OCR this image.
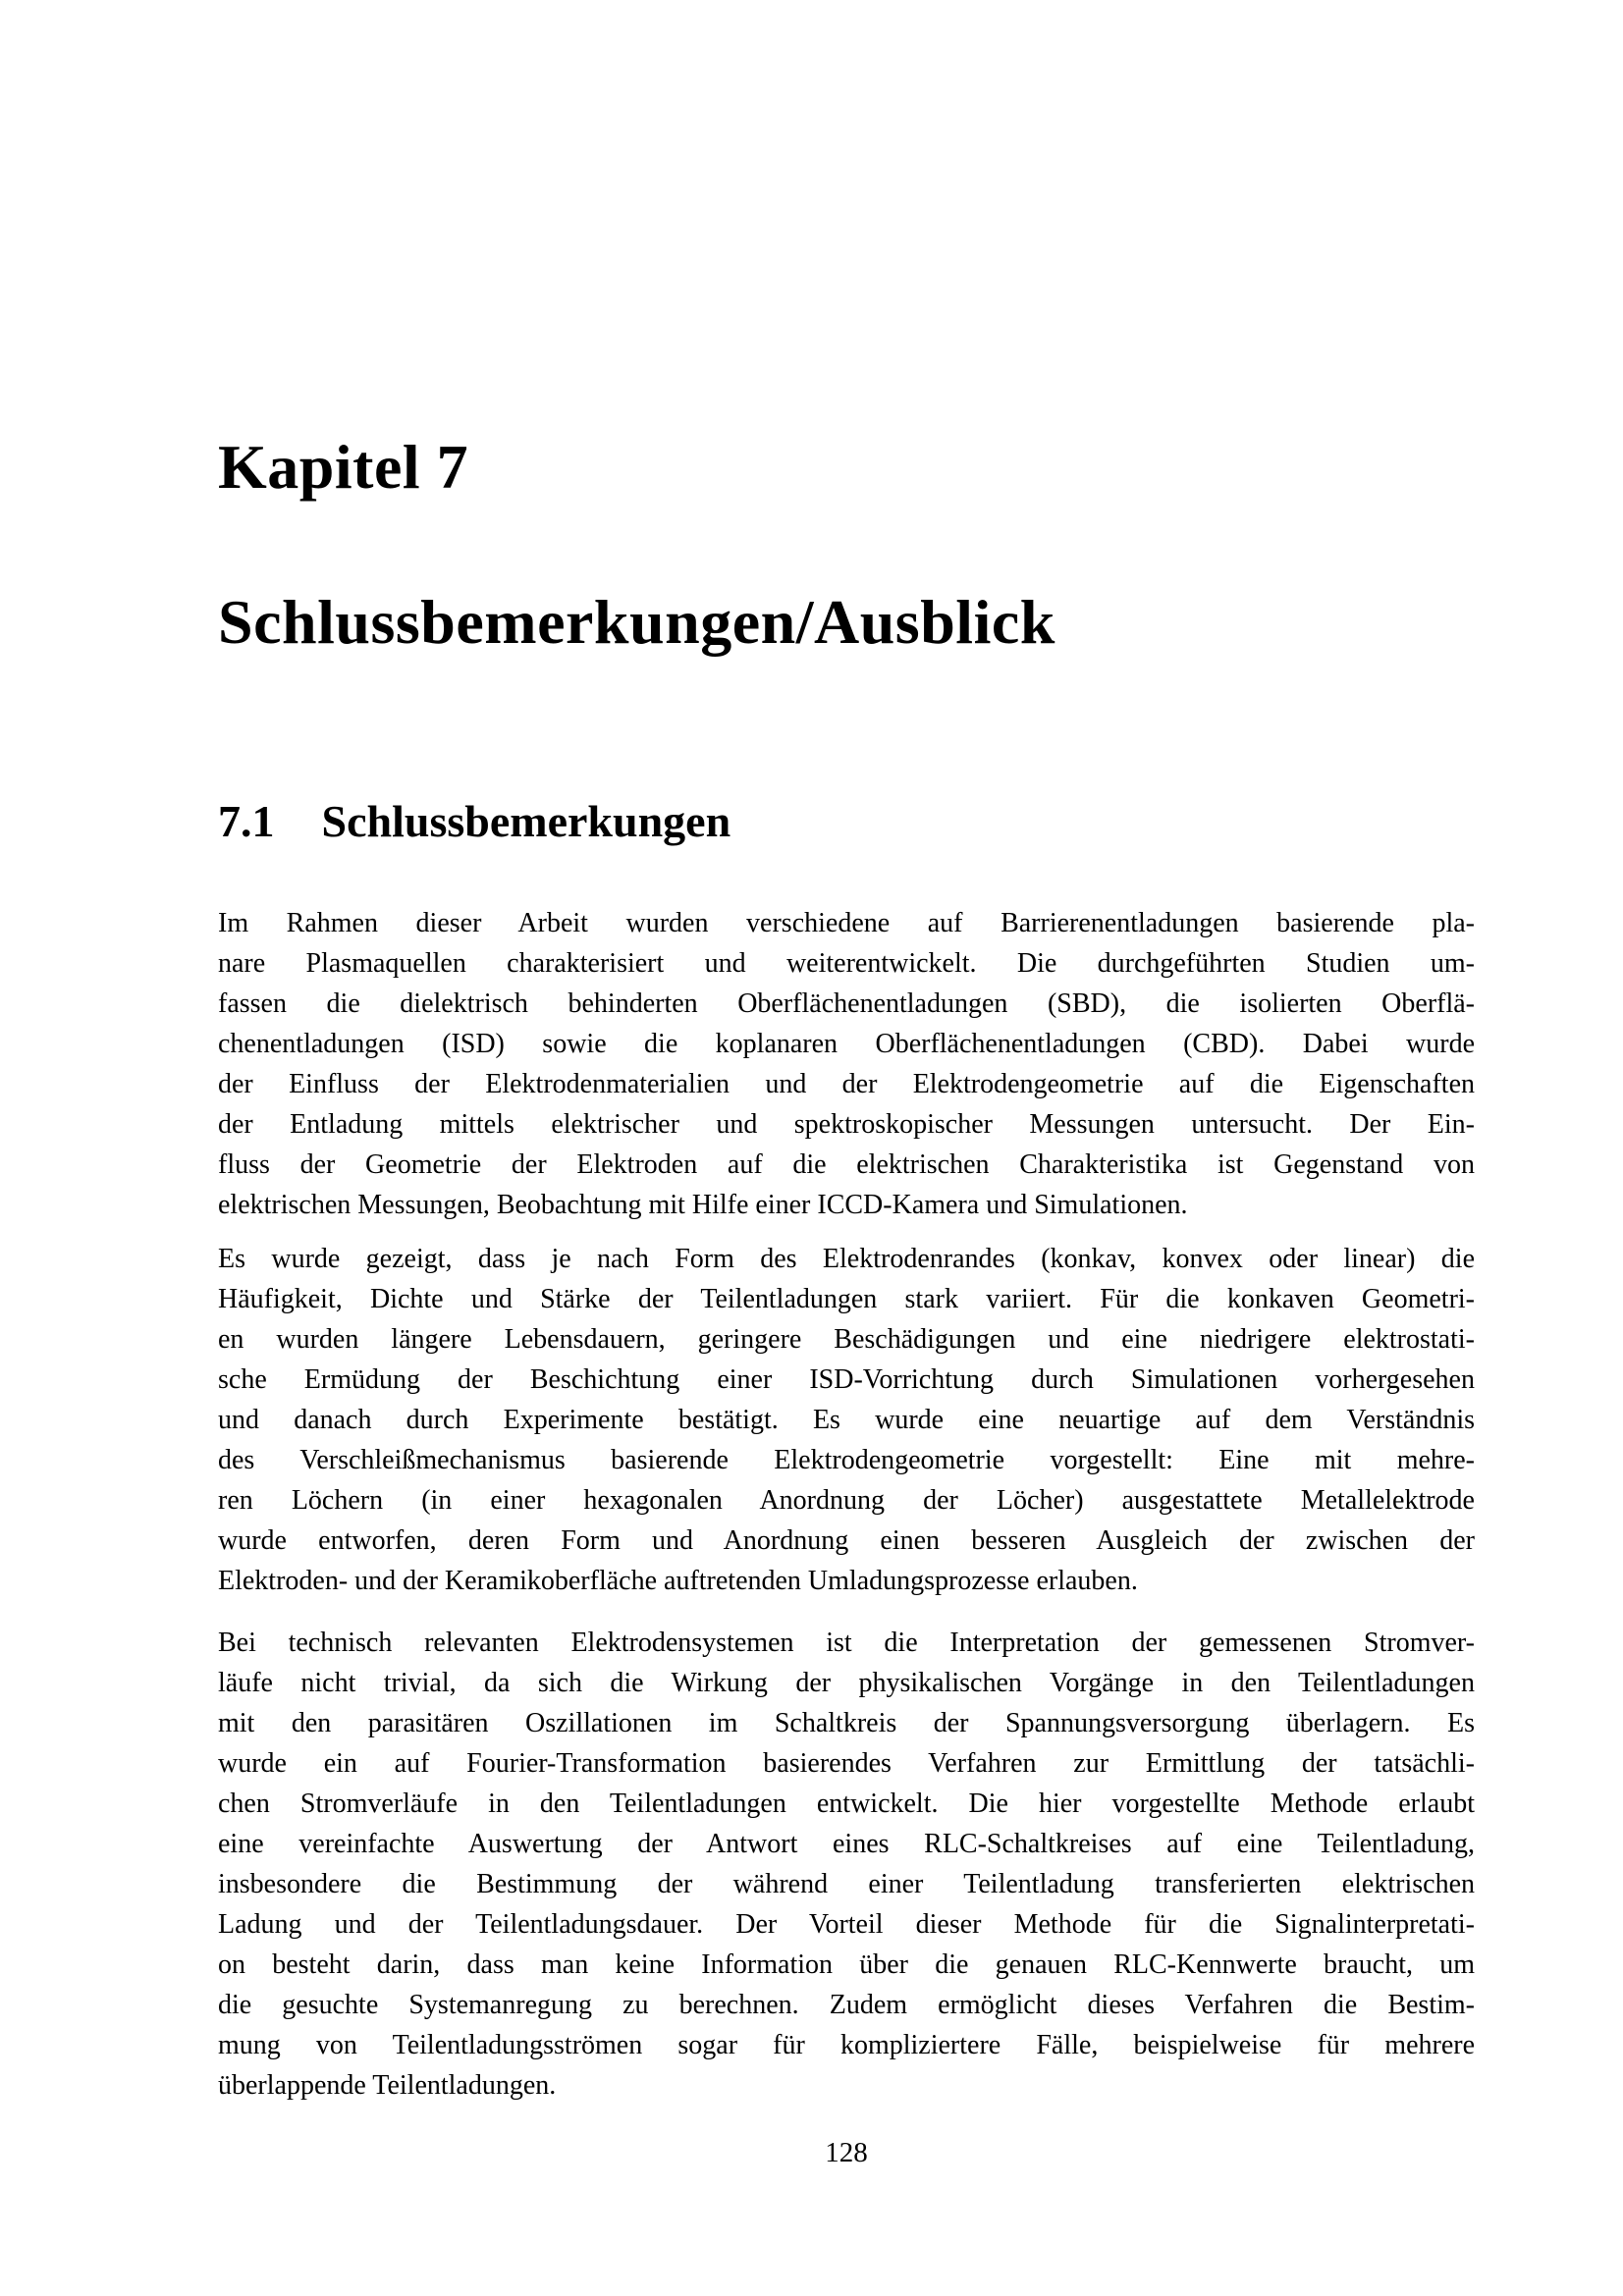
Kapitel 7
Schlussbemerkungen/Ausblick
7.1 Schlussbemerkungen
Im Rahmen dieser Arbeit wurden verschiedene auf Barrierenentladungen basierende pla-
nare Plasmaquellen charakterisiert und weiterentwickelt. Die durchgeführten Studien um-
fassen die dielektrisch behinderten Oberflächenentladungen (SBD), die isolierten Oberflä-
chenentladungen (ISD) sowie die koplanaren Oberflächenentladungen (CBD). Dabei wurde
der Einfluss der Elektrodenmaterialien und der Elektrodengeometrie auf die Eigenschaften
der Entladung mittels elektrischer und spektroskopischer Messungen untersucht. Der Ein-
fluss der Geometrie der Elektroden auf die elektrischen Charakteristika ist Gegenstand von
elektrischen Messungen, Beobachtung mit Hilfe einer ICCD-Kamera und Simulationen.
Es wurde gezeigt, dass je nach Form des Elektrodenrandes (konkav, konvex oder linear) die
Häufigkeit, Dichte und Stärke der Teilentladungen stark variiert. Für die konkaven Geometri-
en wurden längere Lebensdauern, geringere Beschädigungen und eine niedrigere elektrostati-
sche Ermüdung der Beschichtung einer ISD-Vorrichtung durch Simulationen vorhergesehen
und danach durch Experimente bestätigt. Es wurde eine neuartige auf dem Verständnis
des Verschleißmechanismus basierende Elektrodengeometrie vorgestellt: Eine mit mehre-
ren Löchern (in einer hexagonalen Anordnung der Löcher) ausgestattete Metallelektrode
wurde entworfen, deren Form und Anordnung einen besseren Ausgleich der zwischen der
Elektroden- und der Keramikoberfläche auftretenden Umladungsprozesse erlauben.
Bei technisch relevanten Elektrodensystemen ist die Interpretation der gemessenen Stromver-
läufe nicht trivial, da sich die Wirkung der physikalischen Vorgänge in den Teilentladungen
mit den parasitären Oszillationen im Schaltkreis der Spannungsversorgung überlagern. Es
wurde ein auf Fourier-Transformation basierendes Verfahren zur Ermittlung der tatsächli-
chen Stromverläufe in den Teilentladungen entwickelt. Die hier vorgestellte Methode erlaubt
eine vereinfachte Auswertung der Antwort eines RLC-Schaltkreises auf eine Teilentladung,
insbesondere die Bestimmung der während einer Teilentladung transferierten elektrischen
Ladung und der Teilentladungsdauer. Der Vorteil dieser Methode für die Signalinterpretati-
on besteht darin, dass man keine Information über die genauen RLC-Kennwerte braucht, um
die gesuchte Systemanregung zu berechnen. Zudem ermöglicht dieses Verfahren die Bestim-
mung von Teilentladungsströmen sogar für kompliziertere Fälle, beispielweise für mehrere
überlappende Teilentladungen.
128
